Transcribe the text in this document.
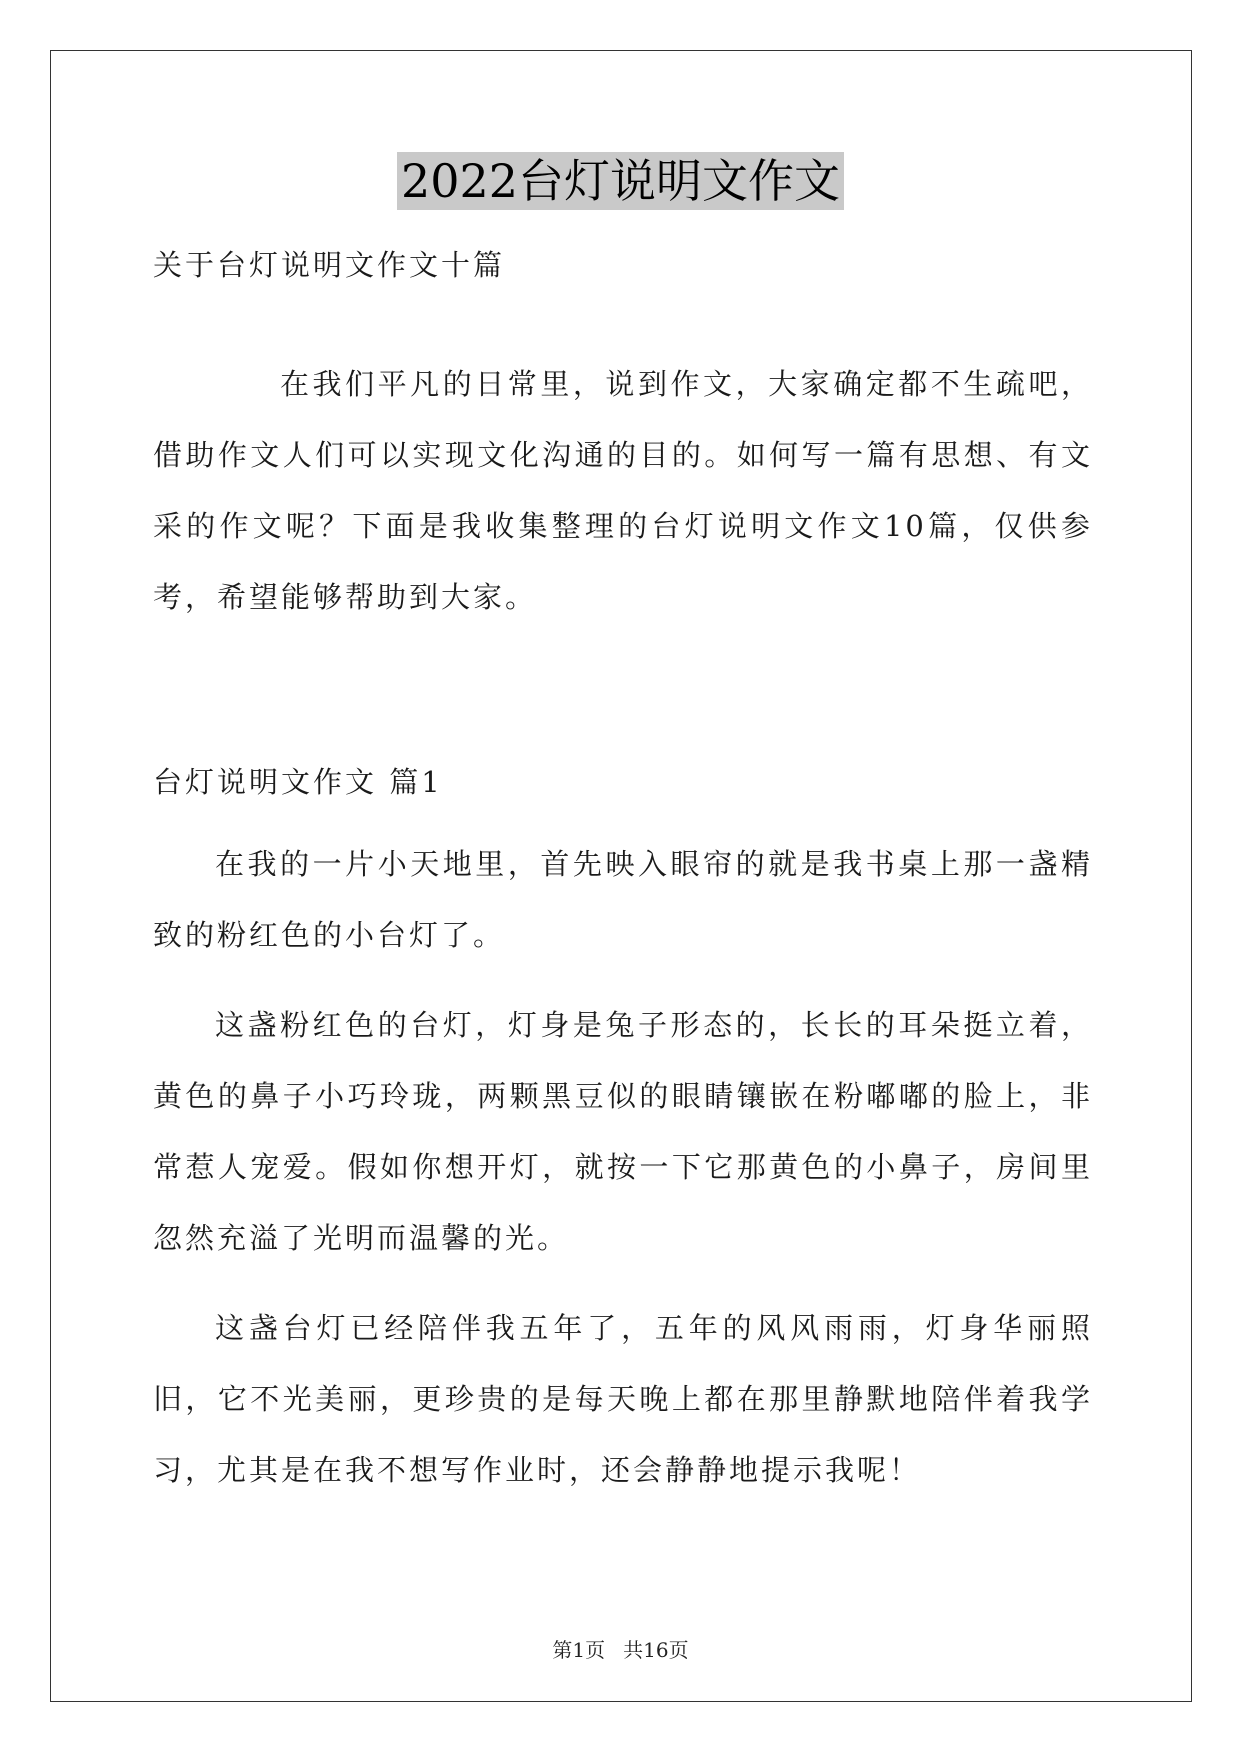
2022台灯说明文作文
关于台灯说明文作文十篇
在我们平凡的日常里，说到作文，大家确定都不生疏吧，借助作文人们可以实现文化沟通的目的。如何写一篇有思想、有文采的作文呢？下面是我收集整理的台灯说明文作文10篇，仅供参考，希望能够帮助到大家。
台灯说明文作文 篇1
在我的一片小天地里，首先映入眼帘的就是我书桌上那一盏精致的粉红色的小台灯了。
这盏粉红色的台灯，灯身是兔子形态的，长长的耳朵挺立着，黄色的鼻子小巧玲珑，两颗黑豆似的眼睛镶嵌在粉嘟嘟的脸上，非常惹人宠爱。假如你想开灯，就按一下它那黄色的小鼻子，房间里忽然充溢了光明而温馨的光。
这盏台灯已经陪伴我五年了，五年的风风雨雨，灯身华丽照旧，它不光美丽，更珍贵的是每天晚上都在那里静默地陪伴着我学习，尤其是在我不想写作业时，还会静静地提示我呢！
第1页 共16页
